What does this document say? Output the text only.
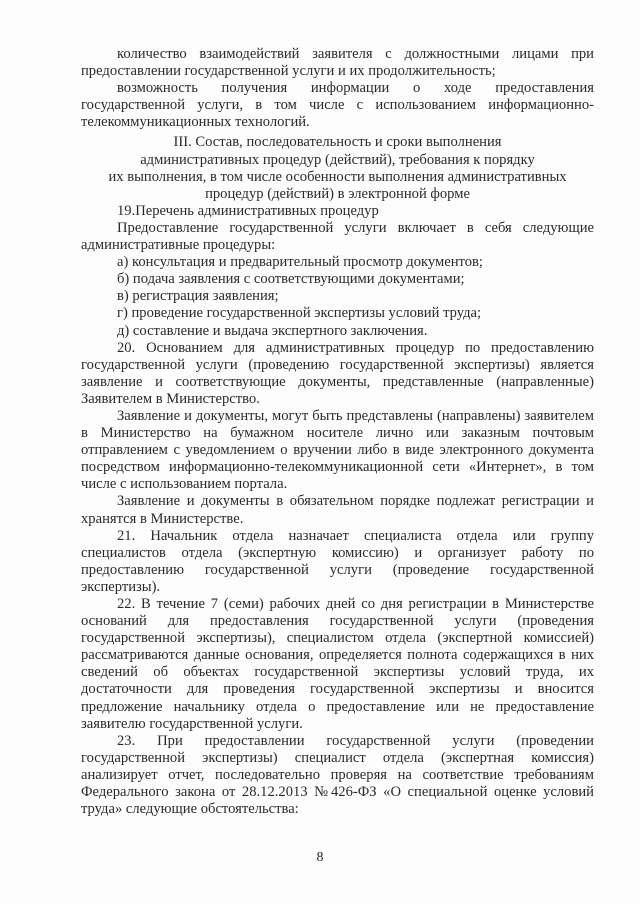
количество взаимодействий заявителя с должностными лицами при предоставлении государственной услуги и их продолжительность;

возможность получения информации о ходе предоставления государственной услуги, в том числе с использованием информационно-телекоммуникационных технологий.

III. Состав, последовательность и сроки выполнения

административных процедур (действий), требования к порядку

их выполнения, в том числе особенности выполнения административных

процедур (действий) в электронной форме

19.Перечень административных процедур

Предоставление государственной услуги включает в себя следующие административные процедуры:

а) консультация и предварительный просмотр документов;

б) подача заявления с соответствующими документами;

в) регистрация заявления;

г) проведение государственной экспертизы условий труда;

д) составление и выдача экспертного заключения.

20. Основанием для административных процедур по предоставлению государственной услуги (проведению государственной экспертизы) является заявление и соответствующие документы, представленные (направленные) Заявителем в Министерство.

Заявление и документы, могут быть представлены (направлены) заявителем в Министерство на бумажном носителе лично или заказным почтовым отправлением с уведомлением о вручении либо в виде электронного документа посредством информационно-телекоммуникационной сети «Интернет», в том числе с использованием портала.

Заявление и документы в обязательном порядке подлежат регистрации и хранятся в Министерстве.

21. Начальник отдела назначает специалиста отдела или группу специалистов отдела (экспертную комиссию) и организует работу по предоставлению государственной услуги (проведение государственной экспертизы).

22. В течение 7 (семи) рабочих дней со дня регистрации в Министерстве оснований для предоставления государственной услуги (проведения государственной экспертизы), специалистом отдела (экспертной комиссией) рассматриваются данные основания, определяется полнота содержащихся в них сведений об объектах государственной экспертизы условий труда, их достаточности для проведения государственной экспертизы и вносится предложение начальнику отдела о предоставление или не предоставление заявителю государственной услуги.

23. При предоставлении государственной услуги (проведении государственной экспертизы) специалист отдела (экспертная комиссия) анализирует отчет, последовательно проверяя на соответствие требованиям Федерального закона от 28.12.2013 №426-ФЗ «О специальной оценке условий труда» следующие обстоятельства:

8
